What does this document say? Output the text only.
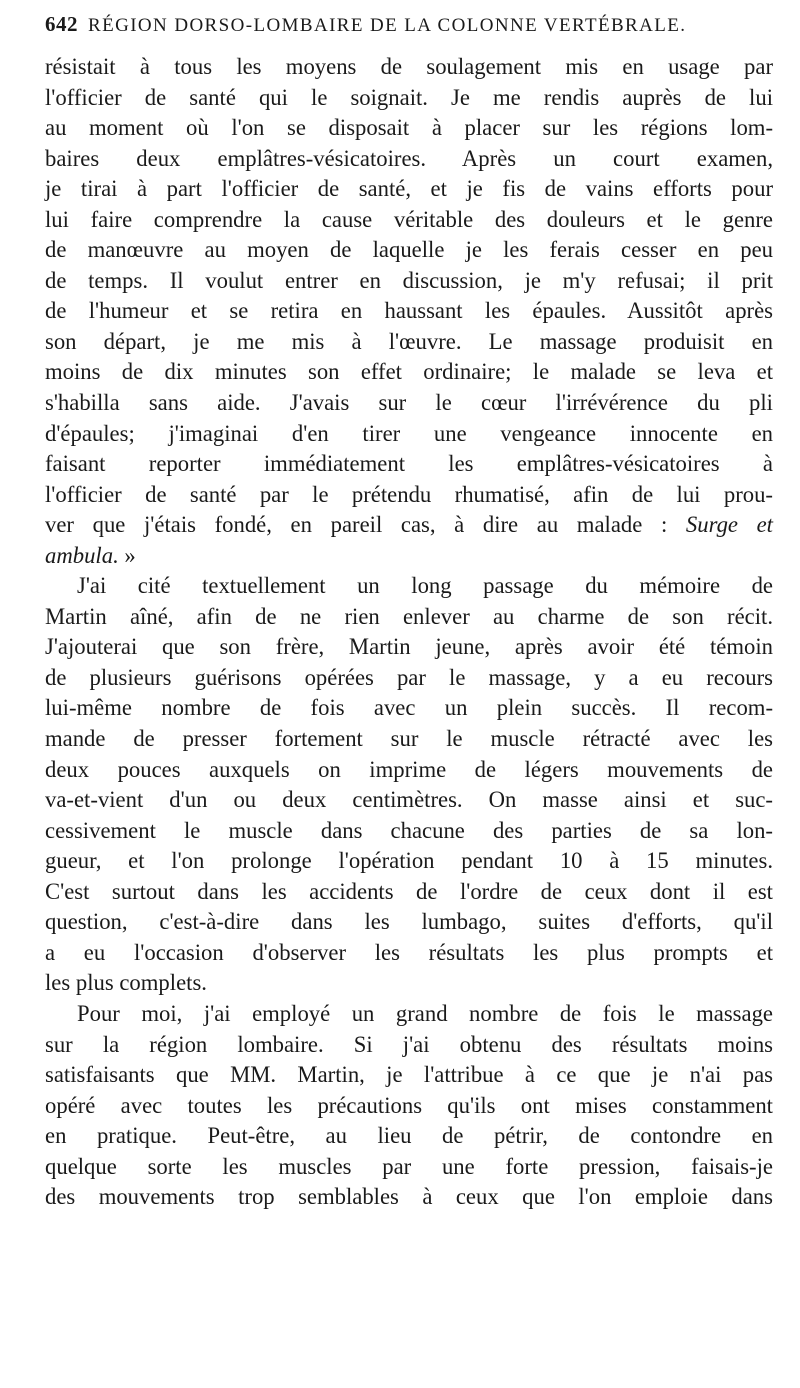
642 RÉGION DORSO-LOMBAIRE DE LA COLONNE VERTÉBRALE.
résistait à tous les moyens de soulagement mis en usage par
l'officier de santé qui le soignait. Je me rendis auprès de lui
au moment où l'on se disposait à placer sur les régions lom-
baires deux emplâtres-vésicatoires. Après un court examen,
je tirai à part l'officier de santé, et je fis de vains efforts pour
lui faire comprendre la cause véritable des douleurs et le genre
de manœuvre au moyen de laquelle je les ferais cesser en peu
de temps. Il voulut entrer en discussion, je m'y refusai; il prit
de l'humeur et se retira en haussant les épaules. Aussitôt après
son départ, je me mis à l'œuvre. Le massage produisit en
moins de dix minutes son effet ordinaire; le malade se leva et
s'habilla sans aide. J'avais sur le cœur l'irrévérence du pli
d'épaules; j'imaginai d'en tirer une vengeance innocente en
faisant reporter immédiatement les emplâtres-vésicatoires à
l'officier de santé par le prétendu rhumatisé, afin de lui prou-
ver que j'étais fondé, en pareil cas, à dire au malade : Surge et
ambula. »
J'ai cité textuellement un long passage du mémoire de
Martin aîné, afin de ne rien enlever au charme de son récit.
J'ajouterai que son frère, Martin jeune, après avoir été témoin
de plusieurs guérisons opérées par le massage, y a eu recours
lui-même nombre de fois avec un plein succès. Il recom-
mande de presser fortement sur le muscle rétracté avec les
deux pouces auxquels on imprime de légers mouvements de
va-et-vient d'un ou deux centimètres. On masse ainsi et suc-
cessivement le muscle dans chacune des parties de sa lon-
gueur, et l'on prolonge l'opération pendant 10 à 15 minutes.
C'est surtout dans les accidents de l'ordre de ceux dont il est
question, c'est-à-dire dans les lumbago, suites d'efforts, qu'il
a eu l'occasion d'observer les résultats les plus prompts et
les plus complets.
Pour moi, j'ai employé un grand nombre de fois le massage
sur la région lombaire. Si j'ai obtenu des résultats moins
satisfaisants que MM. Martin, je l'attribue à ce que je n'ai pas
opéré avec toutes les précautions qu'ils ont mises constamment
en pratique. Peut-être, au lieu de pétrir, de contondre en
quelque sorte les muscles par une forte pression, faisais-je
des mouvements trop semblables à ceux que l'on emploie dans
